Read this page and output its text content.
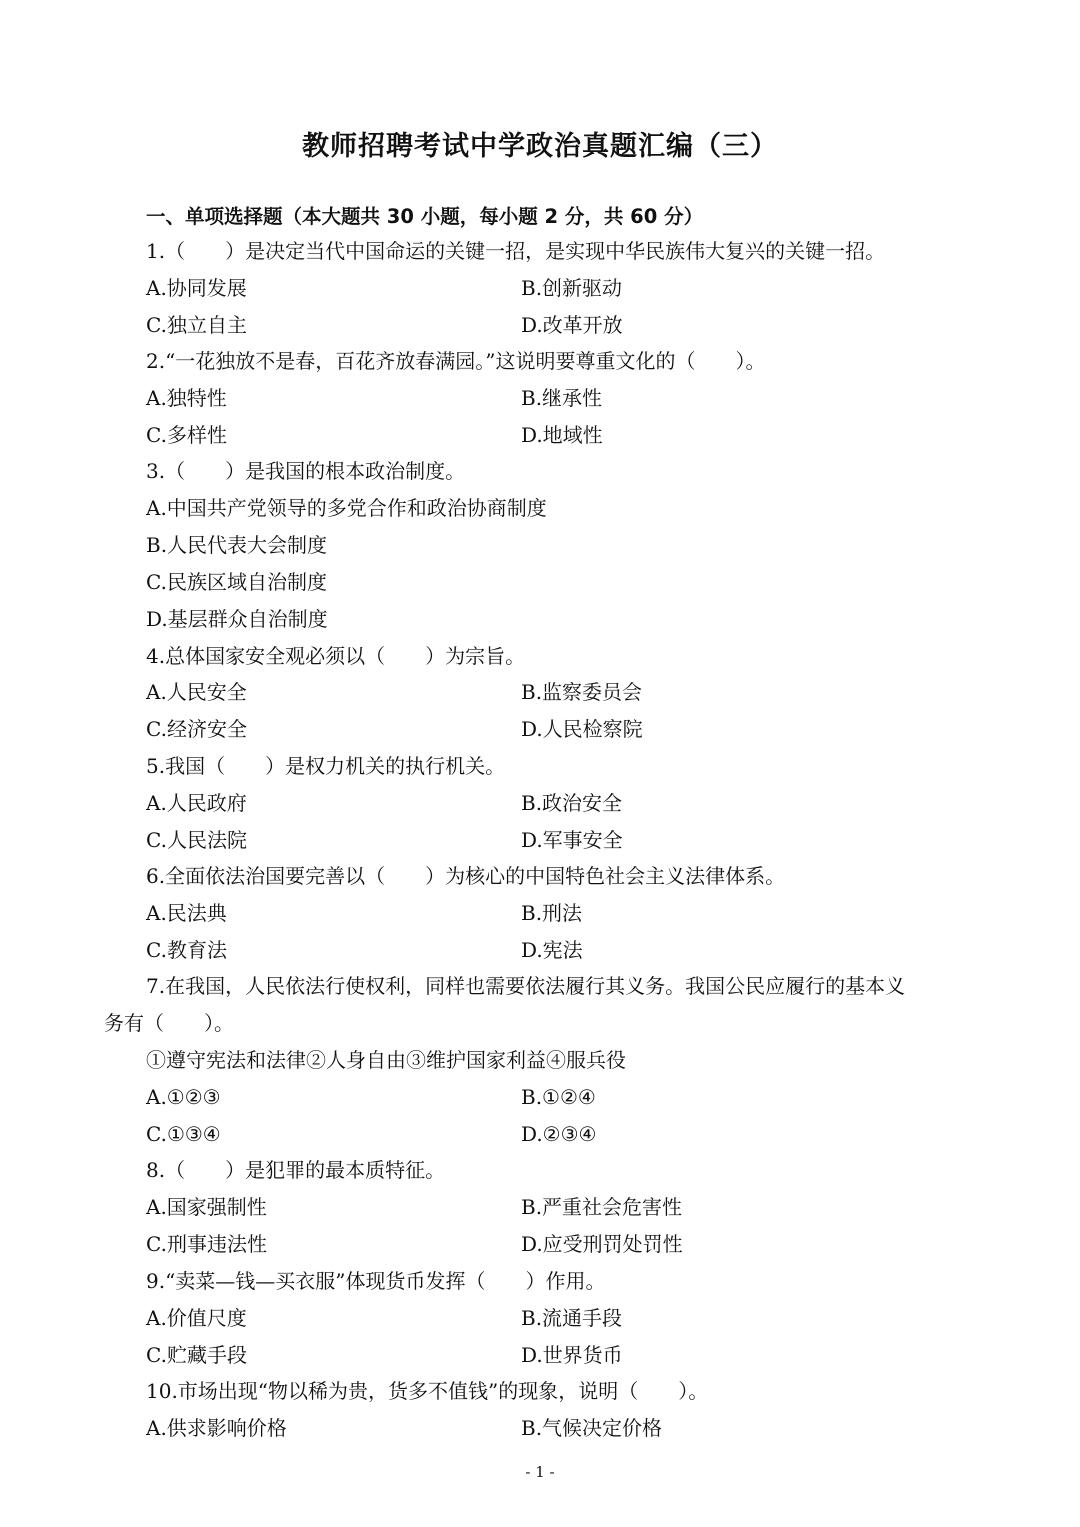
教师招聘考试中学政治真题汇编（三）
一、单项选择题（本大题共 30 小题，每小题 2 分，共 60 分）
1.（　　）是决定当代中国命运的关键一招，是实现中华民族伟大复兴的关键一招。
A.协同发展	B.创新驱动
C.独立自主	D.改革开放
2.“一花独放不是春，百花齐放春满园。”这说明要尊重文化的（　　）。
A.独特性	B.继承性
C.多样性	D.地域性
3.（　　）是我国的根本政治制度。
A.中国共产党领导的多党合作和政治协商制度
B.人民代表大会制度
C.民族区域自治制度
D.基层群众自治制度
4.总体国家安全观必须以（　　）为宗旨。
A.人民安全	B.监察委员会
C.经济安全	D.人民检察院
5.我国（　　）是权力机关的执行机关。
A.人民政府	B.政治安全
C.人民法院	D.军事安全
6.全面依法治国要完善以（　　）为核心的中国特色社会主义法律体系。
A.民法典	B.刑法
C.教育法	D.宪法
7.在我国，人民依法行使权利，同样也需要依法履行其义务。我国公民应履行的基本义
务有（　　）。
①遵守宪法和法律②人身自由③维护国家利益④服兵役
A.①②③	B.①②④
C.①③④	D.②③④
8.（　　）是犯罪的最本质特征。
A.国家强制性	B.严重社会危害性
C.刑事违法性	D.应受刑罚处罚性
9.“卖菜—钱—买衣服”体现货币发挥（　　）作用。
A.价值尺度	B.流通手段
C.贮藏手段	D.世界货币
10.市场出现“物以稀为贵，货多不值钱”的现象，说明（　　）。
A.供求影响价格	B.气候决定价格
- 1 -
